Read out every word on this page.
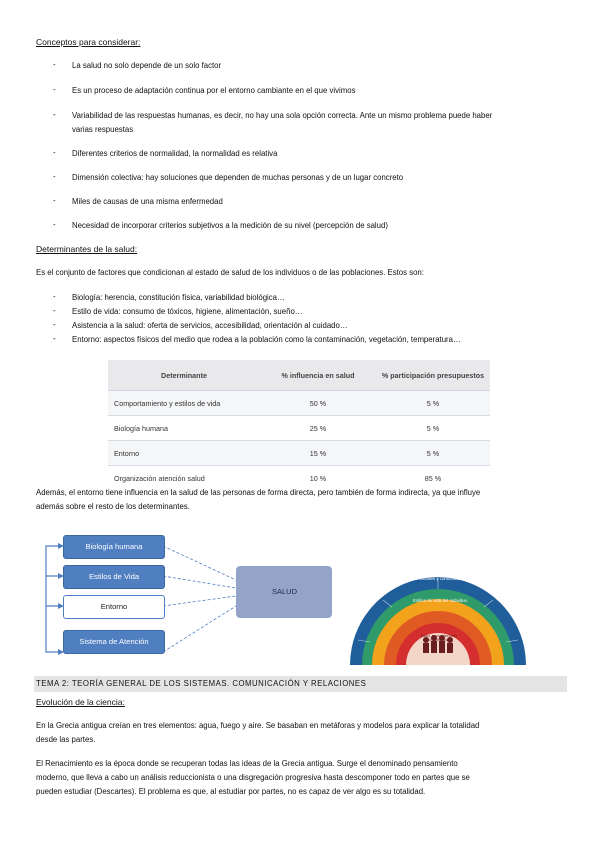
Conceptos para considerar:
- La salud no solo depende de un solo factor
- Es un proceso de adaptación continua por el entorno cambiante en el que vivimos
- Variabilidad de las respuestas humanas, es decir, no hay una sola opción correcta. Ante un mismo problema puede haber
varias respuestas
- Diferentes criterios de normalidad, la normalidad es relativa
- Dimensión colectiva: hay soluciones que dependen de muchas personas y de un lugar concreto
- Miles de causas de una misma enfermedad
- Necesidad de incorporar criterios subjetivos a la medición de su nivel (percepción de salud)
Determinantes de la salud:
Es el conjunto de factores que condicionan al estado de salud de los individuos o de las poblaciones. Estos son:
- Biología: herencia, constitución física, variabilidad biológica…
- Estilo de vida: consumo de tóxicos, higiene, alimentación, sueño…
- Asistencia a la salud: oferta de servicios, accesibilidad, orientación al cuidado…
- Entorno: aspectos físicos del medio que rodea a la población como la contaminación, vegetación, temperatura…
Determinante	% influencia en salud	% participación presupuestos
Comportamiento y estilos de vida	50 %	5 %
Biología humana	25 %	5 %
Entorno	15 %	5 %
Organización atención salud	10 %	85 %
Además, el entorno tiene influencia en la salud de las personas de forma directa, pero también de forma indirecta, ya que influye
además sobre el resto de los determinantes.
Biología humana
Estilos de Vida
Entorno
Sistema de Atención
SALUD
Condiciones socioeconómicas, culturales y medioambientales
Redes sociales y comunitarias
Estilos de vida del individuo
Edad, sexo y factores constitutivos
TEMA 2: TEORÍA GENERAL DE LOS SISTEMAS. COMUNICACIÓN Y RELACIONES
Evolución de la ciencia:
En la Grecia antigua creían en tres elementos: agua, fuego y aire. Se basaban en metáforas y modelos para explicar la totalidad
desde las partes.
El Renacimiento es la época donde se recuperan todas las ideas de la Grecia antigua. Surge el denominado pensamiento
moderno, que lleva a cabo un análisis reduccionista o una disgregación progresiva hasta descomponer todo en partes que se
pueden estudiar (Descartes). El problema es que, al estudiar por partes, no es capaz de ver algo es su totalidad.
